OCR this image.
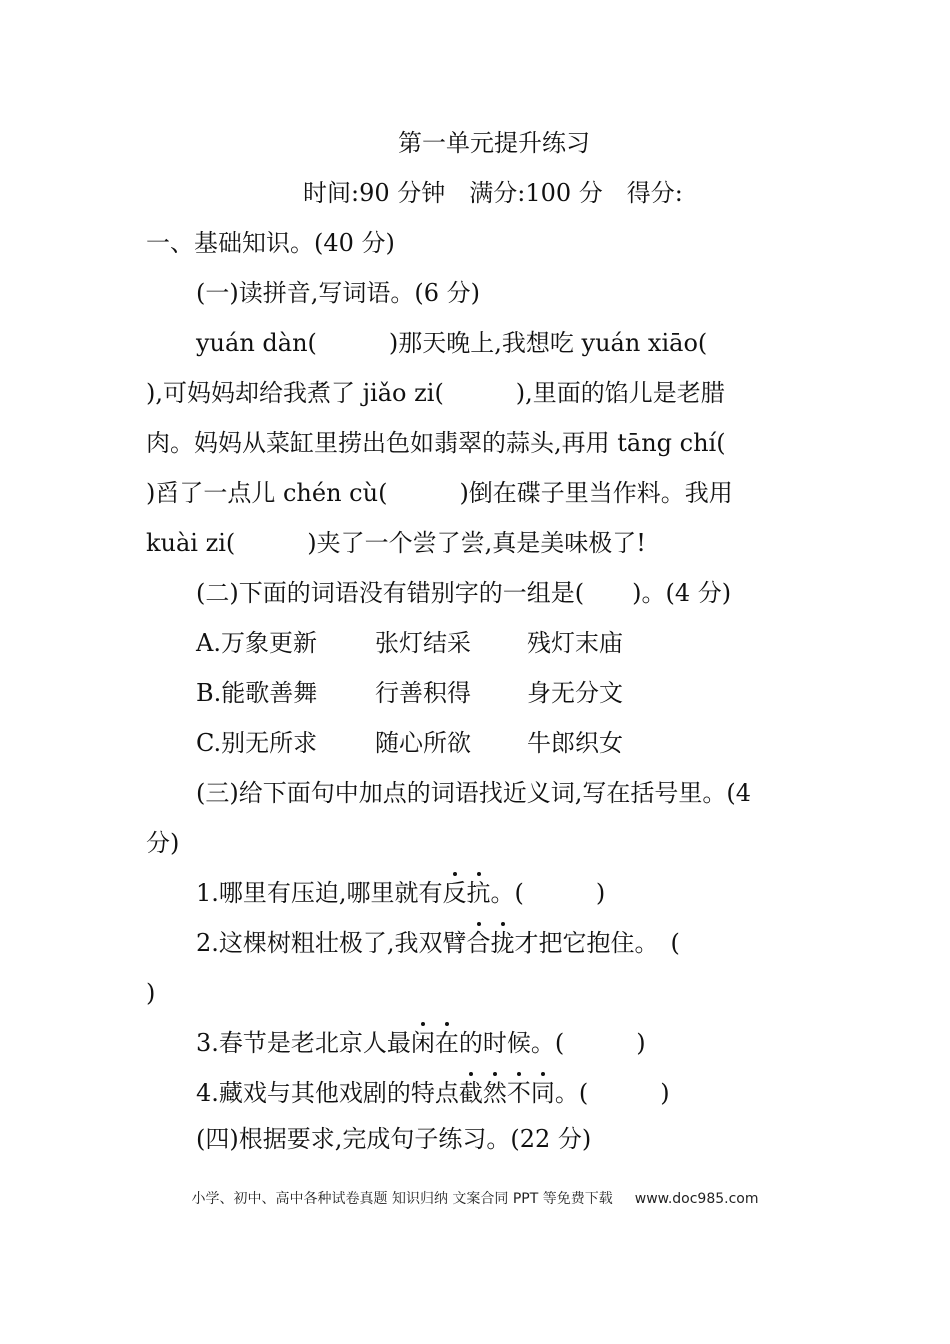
第一单元提升练习
时间:90 分钟　满分:100 分　得分:
一、基础知识。(40 分)
(一)读拼音,写词语。(6 分)
yuán dàn(　　　)那天晚上,我想吃 yuán xiāo(
),可妈妈却给我煮了 jiǎo zi(　　　),里面的馅儿是老腊
肉。妈妈从菜缸里捞出色如翡翠的蒜头,再用 tāng chí(
)舀了一点儿 chén cù(　　　)倒在碟子里当作料。我用
kuài zi(　　　)夹了一个尝了尝,真是美味极了!
(二)下面的词语没有错别字的一组是(　　)。(4 分)
A.万象更新 张灯结采 残灯末庙
B.能歌善舞 行善积得 身无分文
C.别无所求 随心所欲 牛郎织女
(三)给下面句中加点的词语找近义词,写在括号里。(4
分)
1.哪里有压迫,哪里就有反抗。(　　　)
2.这棵树粗壮极了,我双臂合拢才把它抱住。　(
)
3.春节是老北京人最闲在的时候。(　　　)
4.藏戏与其他戏剧的特点截然不同。(　　　)
(四)根据要求,完成句子练习。(22 分)
小学、初中、高中各种试卷真题 知识归纳 文案合同 PPT 等免费下载 www.doc985.com
